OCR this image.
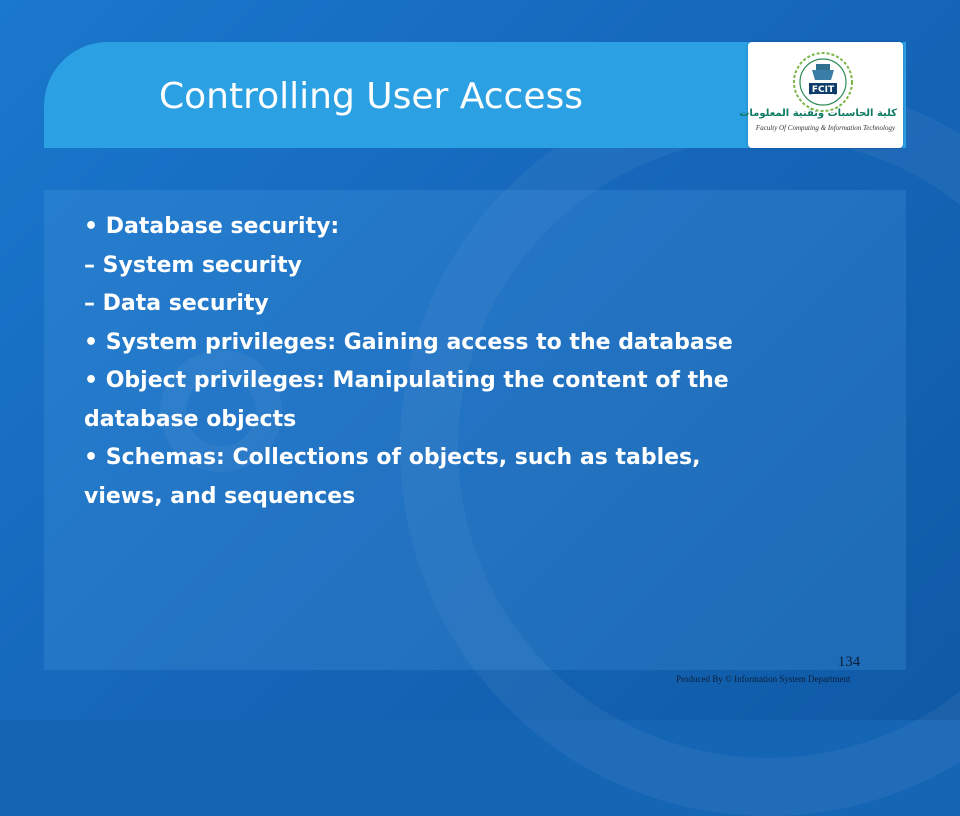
Controlling User Access	FCIT
كلية الحاسبات وتقنية المعلومات
Faculty Of Computing & Information Technology
• Database security:
– System security
– Data security
• System privileges: Gaining access to the database
• Object privileges: Manipulating the content of the
database objects
• Schemas: Collections of objects, such as tables,
views, and sequences
134
Produced By © Information System Department
